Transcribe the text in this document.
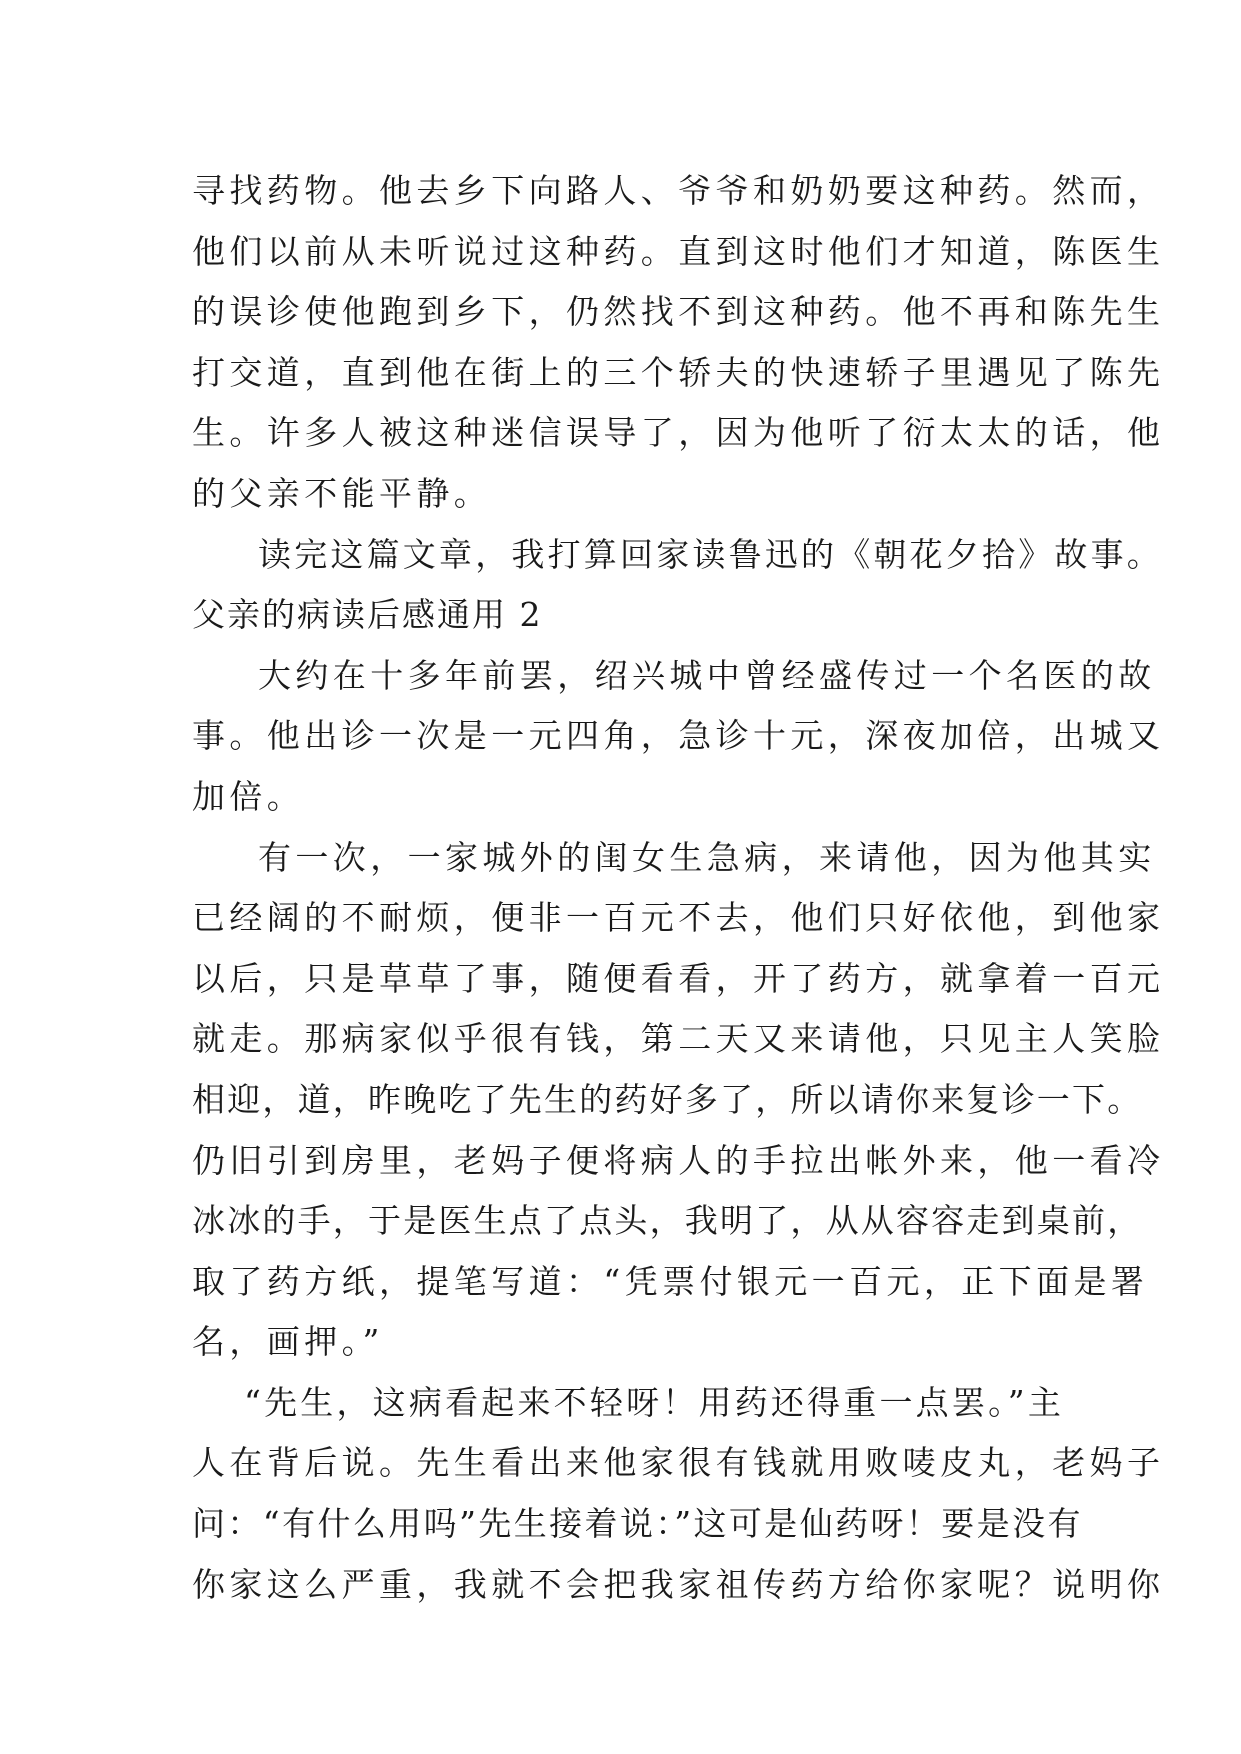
寻找药物。他去乡下向路人、爷爷和奶奶要这种药。然而，
他们以前从未听说过这种药。直到这时他们才知道，陈医生
的误诊使他跑到乡下，仍然找不到这种药。他不再和陈先生
打交道，直到他在街上的三个轿夫的快速轿子里遇见了陈先
生。许多人被这种迷信误导了，因为他听了衍太太的话，他
的父亲不能平静。
读完这篇文章，我打算回家读鲁迅的《朝花夕拾》故事。
父亲的病读后感通用 2
大约在十多年前罢，绍兴城中曾经盛传过一个名医的故
事。他出诊一次是一元四角，急诊十元，深夜加倍，出城又
加倍。
有一次，一家城外的闺女生急病，来请他，因为他其实
已经阔的不耐烦，便非一百元不去，他们只好依他，到他家
以后，只是草草了事，随便看看，开了药方，就拿着一百元
就走。那病家似乎很有钱，第二天又来请他，只见主人笑脸
相迎，道，昨晚吃了先生的药好多了，所以请你来复诊一下。
仍旧引到房里，老妈子便将病人的手拉出帐外来，他一看冷
冰冰的手，于是医生点了点头，我明了，从从容容走到桌前，
取了药方纸，提笔写道：“凭票付银元一百元，正下面是署
名，画押。”
“先生，这病看起来不轻呀！用药还得重一点罢。”主
人在背后说。先生看出来他家很有钱就用败唛皮丸，老妈子
问：“有什么用吗”先生接着说：”这可是仙药呀！要是没有
你家这么严重，我就不会把我家祖传药方给你家呢？说明你
